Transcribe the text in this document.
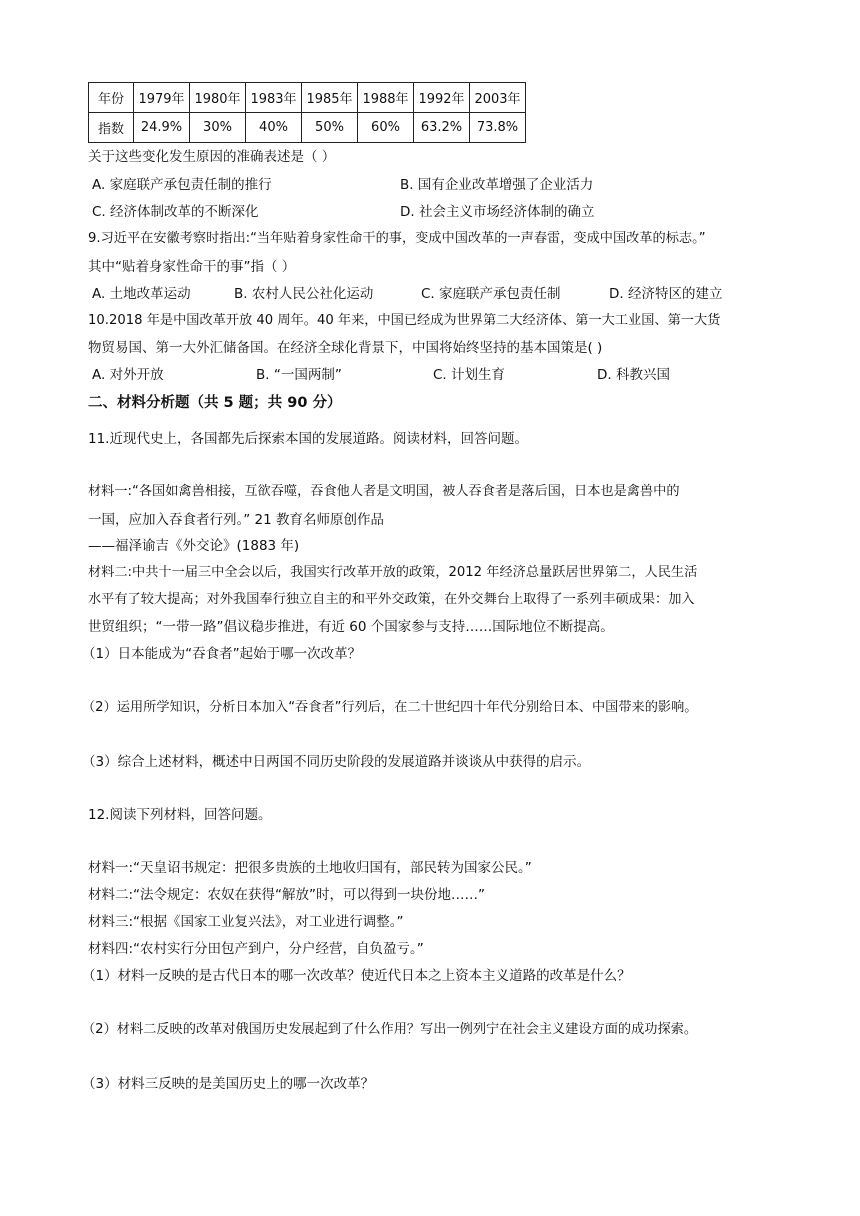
年份	1979年	1980年	1983年	1985年	1988年	1992年	2003年
指数	24.9%	30%	40%	50%	60%	63.2%	73.8%
关于这些变化发生原因的准确表述是（ ）
A. 家庭联产承包责任制的推行	B. 国有企业改革增强了企业活力
C. 经济体制改革的不断深化	D. 社会主义市场经济体制的确立
9.习近平在安徽考察时指出:“当年贴着身家性命干的事，变成中国改革的一声春雷，变成中国改革的标志。”
其中“贴着身家性命干的事”指（ ）
A. 土地改革运动	B. 农村人民公社化运动	C. 家庭联产承包责任制	D. 经济特区的建立
10.2018 年是中国改革开放 40 周年。40 年来，中国已经成为世界第二大经济体、第一大工业国、第一大货
物贸易国、第一大外汇储备国。在经济全球化背景下，中国将始终坚持的基本国策是( )
A. 对外开放	B. “一国两制”	C. 计划生育	D. 科教兴国
二、材料分析题（共 5 题；共 90 分）
11.近现代史上，各国都先后探索本国的发展道路。阅读材料，回答问题。
材料一:“各国如禽兽相接，互欲吞噬，吞食他人者是文明国，被人吞食者是落后国，日本也是禽兽中的
一国，应加入吞食者行列。” 21 教育名师原创作品
——福泽谕吉《外交论》(1883 年)
材料二:中共十一届三中全会以后，我国实行改革开放的政策，2012 年经济总量跃居世界第二，人民生活
水平有了较大提高；对外我国奉行独立自主的和平外交政策，在外交舞台上取得了一系列丰硕成果：加入
世贸组织；“一带一路”倡议稳步推进，有近 60 个国家参与支持……国际地位不断提高。
（1）日本能成为“吞食者”起始于哪一次改革？
（2）运用所学知识，分析日本加入“吞食者”行列后，在二十世纪四十年代分别给日本、中国带来的影响。
（3）综合上述材料，概述中日两国不同历史阶段的发展道路并谈谈从中获得的启示。
12.阅读下列材料，回答问题。
材料一:“天皇诏书规定：把很多贵族的土地收归国有，部民转为国家公民。”
材料二:“法令规定：农奴在获得“解放”时，可以得到一块份地……”
材料三:“根据《国家工业复兴法》，对工业进行调整。”
材料四:“农村实行分田包产到户，分户经营，自负盈亏。”
（1）材料一反映的是古代日本的哪一次改革？使近代日本之上资本主义道路的改革是什么？
（2）材料二反映的改革对俄国历史发展起到了什么作用？写出一例列宁在社会主义建设方面的成功探索。
（3）材料三反映的是美国历史上的哪一次改革？
